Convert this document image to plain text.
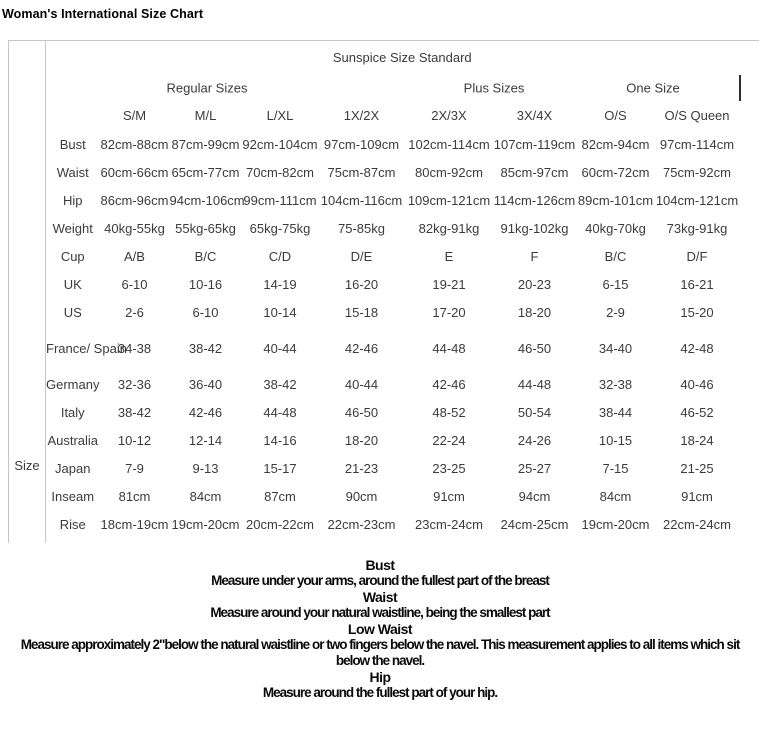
Woman's International Size Chart
Size	Sunspice Size Standard									

	Regular Sizes Plus Sizes One Size									

		S/M	M/L	L/XL	1X/2X	2X/3X	3X/4X	O/S	O/S Queen	
	Bust	82cm-88cm	87cm-99cm	92cm-104cm	97cm-109cm	102cm-114cm	107cm-119cm	82cm-94cm	97cm-114cm	
	Waist	60cm-66cm	65cm-77cm	70cm-82cm	75cm-87cm	80cm-92cm	85cm-97cm	60cm-72cm	75cm-92cm	
	Hip	86cm-96cm	94cm-106cm	99cm-111cm	104cm-116cm	109cm-121cm	114cm-126cm	89cm-101cm	104cm-121cm	
	Weight	40kg-55kg	55kg-65kg	65kg-75kg	75-85kg	82kg-91kg	91kg-102kg	40kg-70kg	73kg-91kg	
	Cup	A/B	B/C	C/D	D/E	E	F	B/C	D/F	
	UK	6-10	10-16	14-19	16-20	19-21	20-23	6-15	16-21	
	US	2-6	6-10	10-14	15-18	17-20	18-20	2-9	15-20	
	France/ Spain	34-38	38-42	40-44	42-46	44-48	46-50	34-40	42-48	
	Germany	32-36	36-40	38-42	40-44	42-46	44-48	32-38	40-46	
	Italy	38-42	42-46	44-48	46-50	48-52	50-54	38-44	46-52	
	Australia	10-12	12-14	14-16	18-20	22-24	24-26	10-15	18-24	
	Japan	7-9	9-13	15-17	21-23	23-25	25-27	7-15	21-25	
	Inseam	81cm	84cm	87cm	90cm	91cm	94cm	84cm	91cm	
	Rise	18cm-19cm	19cm-20cm	20cm-22cm	22cm-23cm	23cm-24cm	24cm-25cm	19cm-20cm	22cm-24cm	

Bust
Measure under your arms, around the fullest part of the breast
Waist
Measure around your natural waistline, being the smallest part
Low Waist
Measure approximately 2"below the natural waistline or two fingers below the navel. This measurement applies to all items which sit below the navel.
Hip
Measure around the fullest part of your hip.
